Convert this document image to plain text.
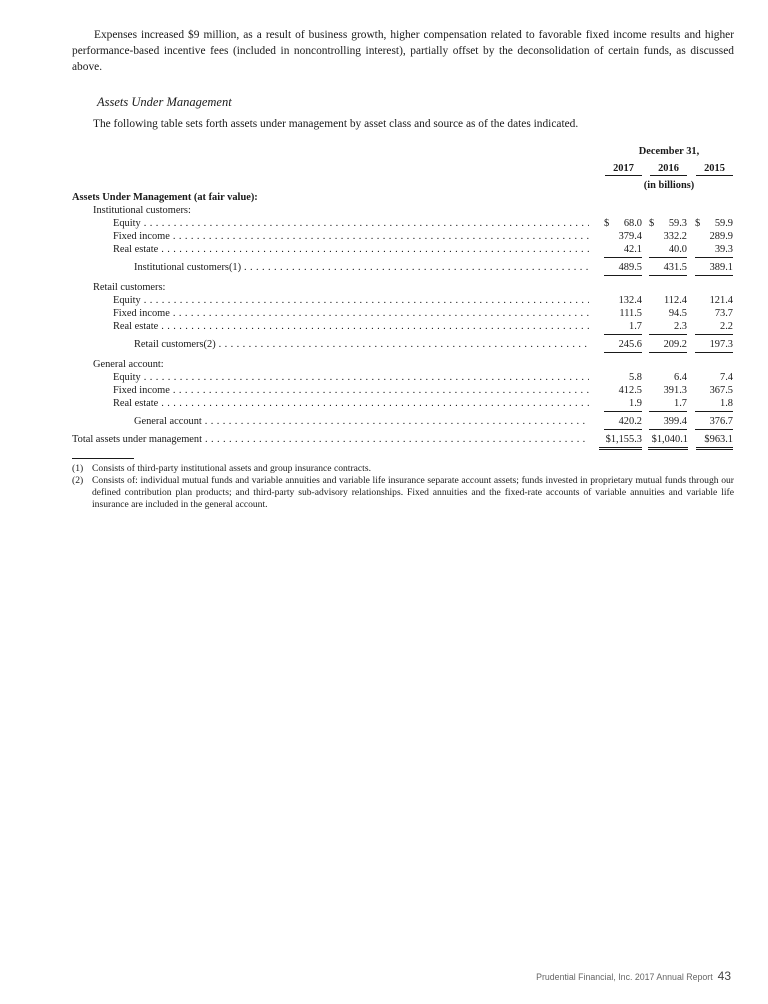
Expenses increased $9 million, as a result of business growth, higher compensation related to favorable fixed income results and higher performance-based incentive fees (included in noncontrolling interest), partially offset by the deconsolidation of certain funds, as discussed above.

Assets Under Management

The following table sets forth assets under management by asset class and source as of the dates indicated.

December 31,
2017	2016	2015
(in billions)
Assets Under Management (at fair value):
Institutional customers:
Equity . . .	$ 68.0 $ 59.3 $ 59.9
Fixed income . . .	379.4 332.2 289.9
Real estate . . .	42.1	40.0	39.3
Institutional customers(1) . . .	489.5 431.5 389.1
Retail customers:
Equity . . .	132.4 112.4 121.4
Fixed income . . .	111.5	94.5	73.7
Real estate . . .	1.7	2.3	2.2
Retail customers(2) . . .	245.6 209.2 197.3
General account:
Equity . . .	5.8	6.4	7.4
Fixed income . . .	412.5 391.3 367.5
Real estate . . .	1.9	1.7	1.8
General account . . .	420.2 399.4 376.7
Total assets under management . . .	$1,155.3 $1,040.1 $963.1

(1) Consists of third-party institutional assets and group insurance contracts.

(2) Consists of: individual mutual funds and variable annuities and variable life insurance separate account assets; funds invested in proprietary mutual funds through our defined contribution plan products; and third-party sub-advisory relationships. Fixed annuities and the fixed-rate accounts of variable annuities and variable life insurance are included in the general account.

Prudential Financial, Inc. 2017 Annual Report 43
